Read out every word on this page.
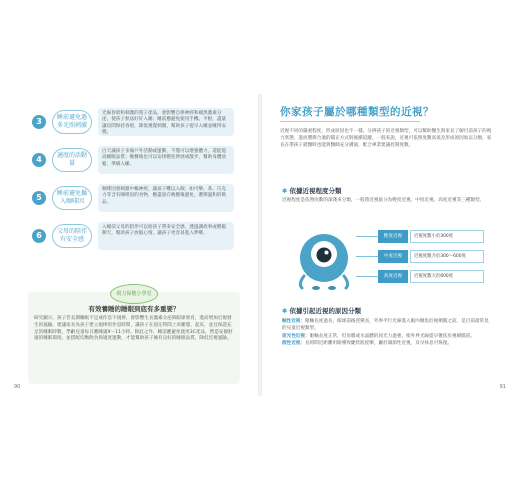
3	睡前避免過多光照刺激
光線昏暗和刺激的電子產品，會影響自律神經和褪黑激素分泌，使孩子無法好好入睡；睡前應避免使用手機、平板，盡量讓房間保持昏暗，降低視覺刺激，幫助孩子提早入睡並睡得安穩。
4	適度的活動量
白天讓孩子多做戶外活動或運動，不僅可以增強體力，還能提高睡眠品質；晚餐後也可以安排輕度伸展或散步，幫助身體放鬆，準備入睡。
5	睡前避免攝入咖啡因
咖啡因會刺激中樞神經，讓孩子難以入眠；如可樂、茶、巧克力等含有咖啡因的食物，應盡量在晚餐後避免，選擇溫和的飲品。
6	父母的陪伴有安全感
入睡前父母的陪伴可以給孩子帶來安全感，透過講故事或輕鬆聊天，幫助孩子放鬆心情，讓孩子更容易進入夢鄉。
視力保健小學堂
有效養睡的睡眠到底有多重要？
研究顯示，孩子若長期睡眠不足或作息不規律，會影響生長激素分泌與眼球發育，進而增加近視發生的風險。建議家長為孩子建立規律的作息時間，讓孩子在固定時間上床睡覺、起床，並且保證充足的睡眠時數，學齡兒童每日應睡滿9～11小時。除此之外，睡前應避免使用3C產品，營造安靜舒適的睡眠環境，並搭配均衡飲食與適度運動，才能幫助孩子擁有良好的睡眠品質，降低近視風險。
90
你家孩子屬於哪種類型的近視？
近視不同的嚴重程度，形成原因也不一樣。分辨孩子的近視類型，可以幫助醫生與家長了解目前孩子的視力狀態，進而選擇合適的矯正方式與後續追蹤。一般來說，近視可依照度數高低及形成原因加以分類，家長在帶孩子就醫時也能與醫師充分溝通，配合專業建議控制度數。
✱ 依據近視程度分類
近視程度是依照度數的深淺來分類，一般將近視區分為輕度近視、中度近視、高度近視等三種類型。
輕度近視	近視度數小於300度
中度近視	近視度數介於300～600度
高度近視	近視度數大於600度
✱ 依據引起近視的原因分類
軸性近視：眼軸長度過長，眼球前後徑變長，外界平行光線進入眼內聚焦於視網膜之前，是目前最常見的兒童近視類型。
屈光性近視：眼軸長度正常，但角膜或水晶體的屈光力過強，使外界光線提早聚焦於視網膜前。
假性近視：長時間近距離用眼導致睫狀肌痙攣，屬於調節性近視，及早休息可恢復。
91
